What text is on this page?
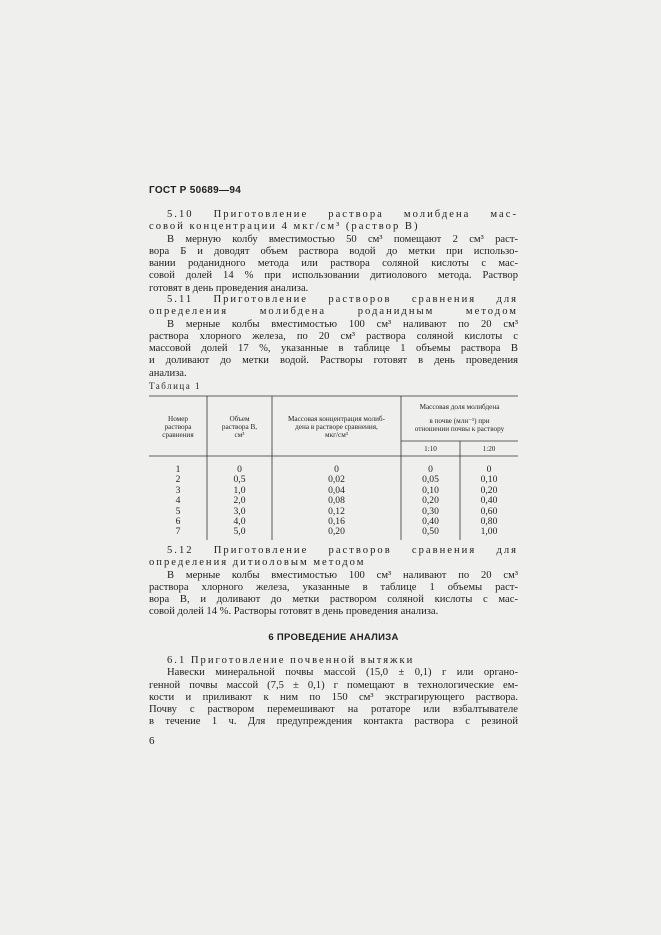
ГОСТ Р 50689—94
5.10 Приготовление раствора молибдена мас-
совой концентрации 4 мкг/см³ (раствор В)
В мерную колбу вместимостью 50 см³ помещают 2 см³ раст-
вора Б и доводят объем раствора водой до метки при использо-
вании роданидного метода или раствора соляной кислоты с мас-
совой долей 14 % при использовании дитиолового метода. Раствор
готовят в день проведения анализа.
5.11 Приготовление растворов сравнения для
определения молибдена роданидным методом
В мерные колбы вместимостью 100 см³ наливают по 20 см³
раствора хлорного железа, по 20 см³ раствора соляной кислоты с
массовой долей 17 %, указанные в таблице 1 объемы раствора В
и доливают до метки водой. Растворы готовят в день проведения
анализа.
Таблица 1
Номер
раствора
сравнения
Объем
раствора В,
см³
Массовая концентрация молиб-
дена в растворе сравнения,
мкг/см³
Массовая доля молибдена
в почве (млн⁻¹) при
отношении почвы к раствору
1:10	1:20
1
2
3
4
5
6
7
0
0,5
1,0
2,0
3,0
4,0
5,0
0
0,02
0,04
0,08
0,12
0,16
0,20
0
0,05
0,10
0,20
0,30
0,40
0,50
0
0,10
0,20
0,40
0,60
0,80
1,00
5.12 Приготовление растворов сравнения для
определения дитиоловым методом
В мерные колбы вместимостью 100 см³ наливают по 20 см³
раствора хлорного железа, указанные в таблице 1 объемы раст-
вора В, и доливают до метки раствором соляной кислоты с мас-
совой долей 14 %. Растворы готовят в день проведения анализа.
6 ПРОВЕДЕНИЕ АНАЛИЗА
6.1 Приготовление почвенной вытяжки
Навески минеральной почвы массой (15,0 ± 0,1) г или органо-
генной почвы массой (7,5 ± 0,1) г помещают в технологические ем-
кости и приливают к ним по 150 см³ экстрагирующего раствора.
Почву с раствором перемешивают на ротаторе или взбалтывателе
в течение 1 ч. Для предупреждения контакта раствора с резиной
6
